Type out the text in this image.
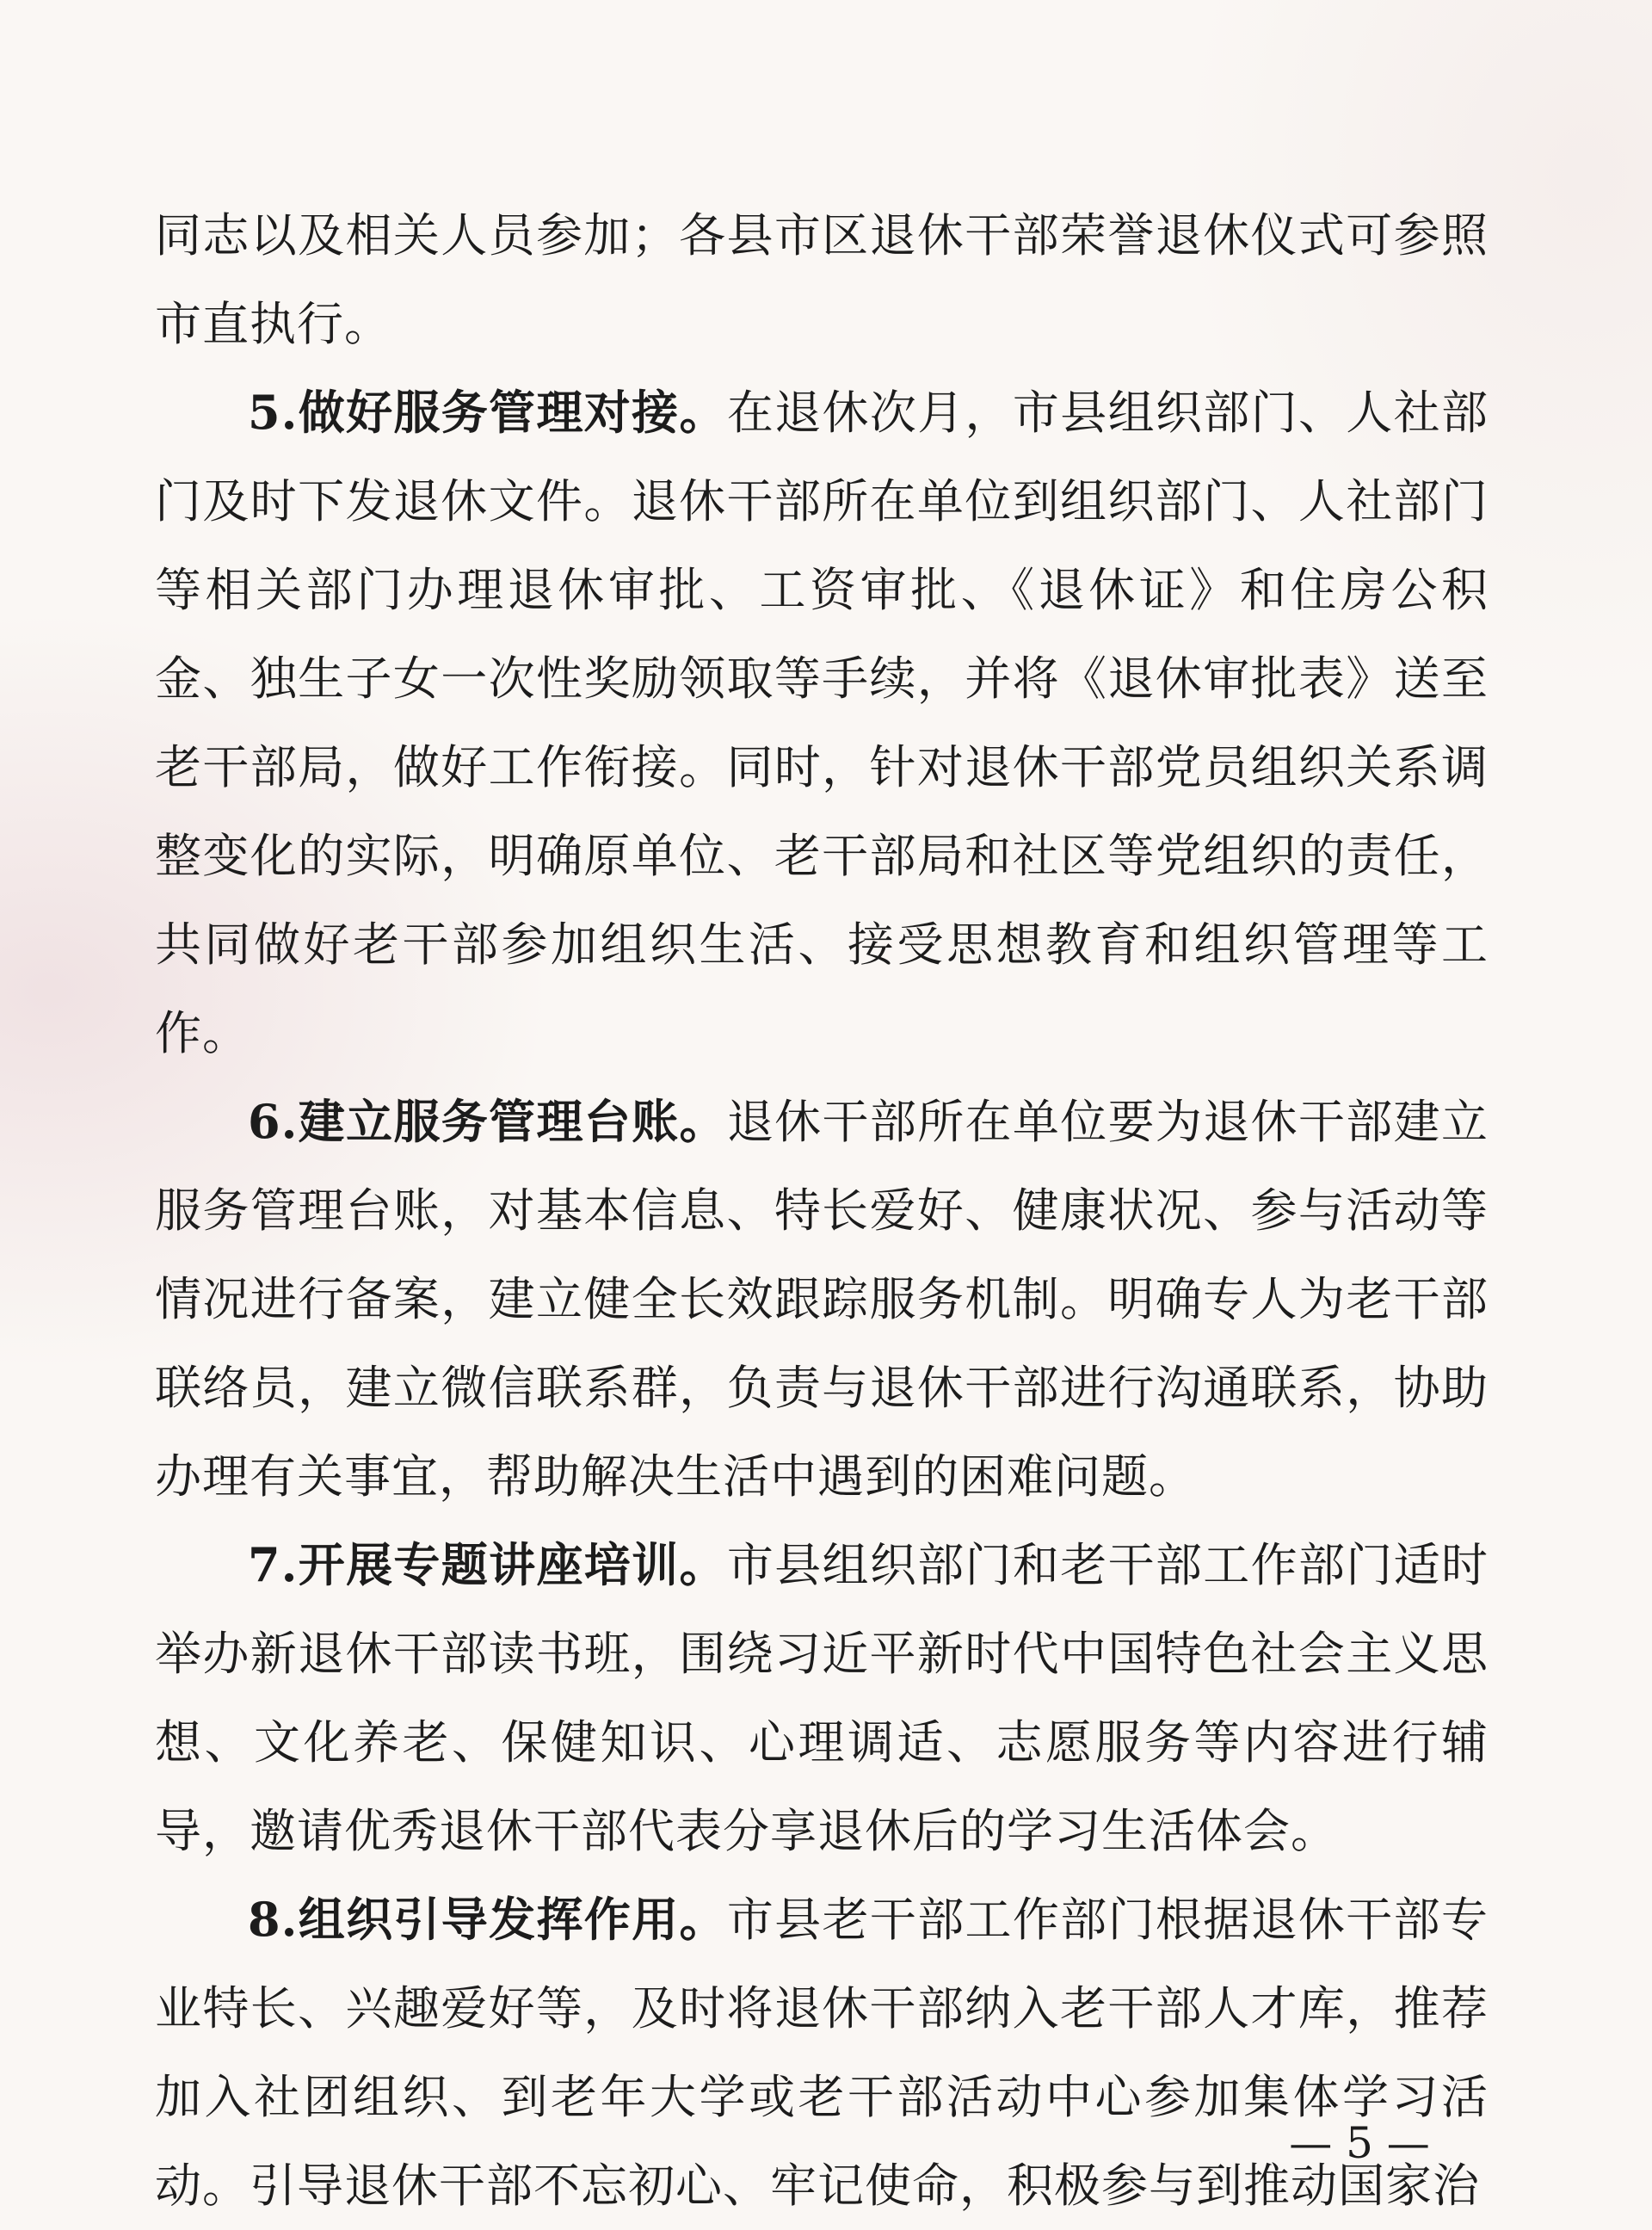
同志以及相关人员参加；各县市区退休干部荣誉退休仪式可参照市直执行。

5.做好服务管理对接。在退休次月，市县组织部门、人社部门及时下发退休文件。退休干部所在单位到组织部门、人社部门等相关部门办理退休审批、工资审批、《退休证》和住房公积金、独生子女一次性奖励领取等手续，并将《退休审批表》送至老干部局，做好工作衔接。同时，针对退休干部党员组织关系调整变化的实际，明确原单位、老干部局和社区等党组织的责任，共同做好老干部参加组织生活、接受思想教育和组织管理等工作。

6.建立服务管理台账。退休干部所在单位要为退休干部建立服务管理台账，对基本信息、特长爱好、健康状况、参与活动等情况进行备案，建立健全长效跟踪服务机制。明确专人为老干部联络员，建立微信联系群，负责与退休干部进行沟通联系，协助办理有关事宜，帮助解决生活中遇到的困难问题。

7.开展专题讲座培训。市县组织部门和老干部工作部门适时举办新退休干部读书班，围绕习近平新时代中国特色社会主义思想、文化养老、保健知识、心理调适、志愿服务等内容进行辅导，邀请优秀退休干部代表分享退休后的学习生活体会。

8.组织引导发挥作用。市县老干部工作部门根据退休干部专业特长、兴趣爱好等，及时将退休干部纳入老干部人才库，推荐加入社团组织、到老年大学或老干部活动中心参加集体学习活动。引导退休干部不忘初心、牢记使命，积极参与到推动国家治

— 5 —
